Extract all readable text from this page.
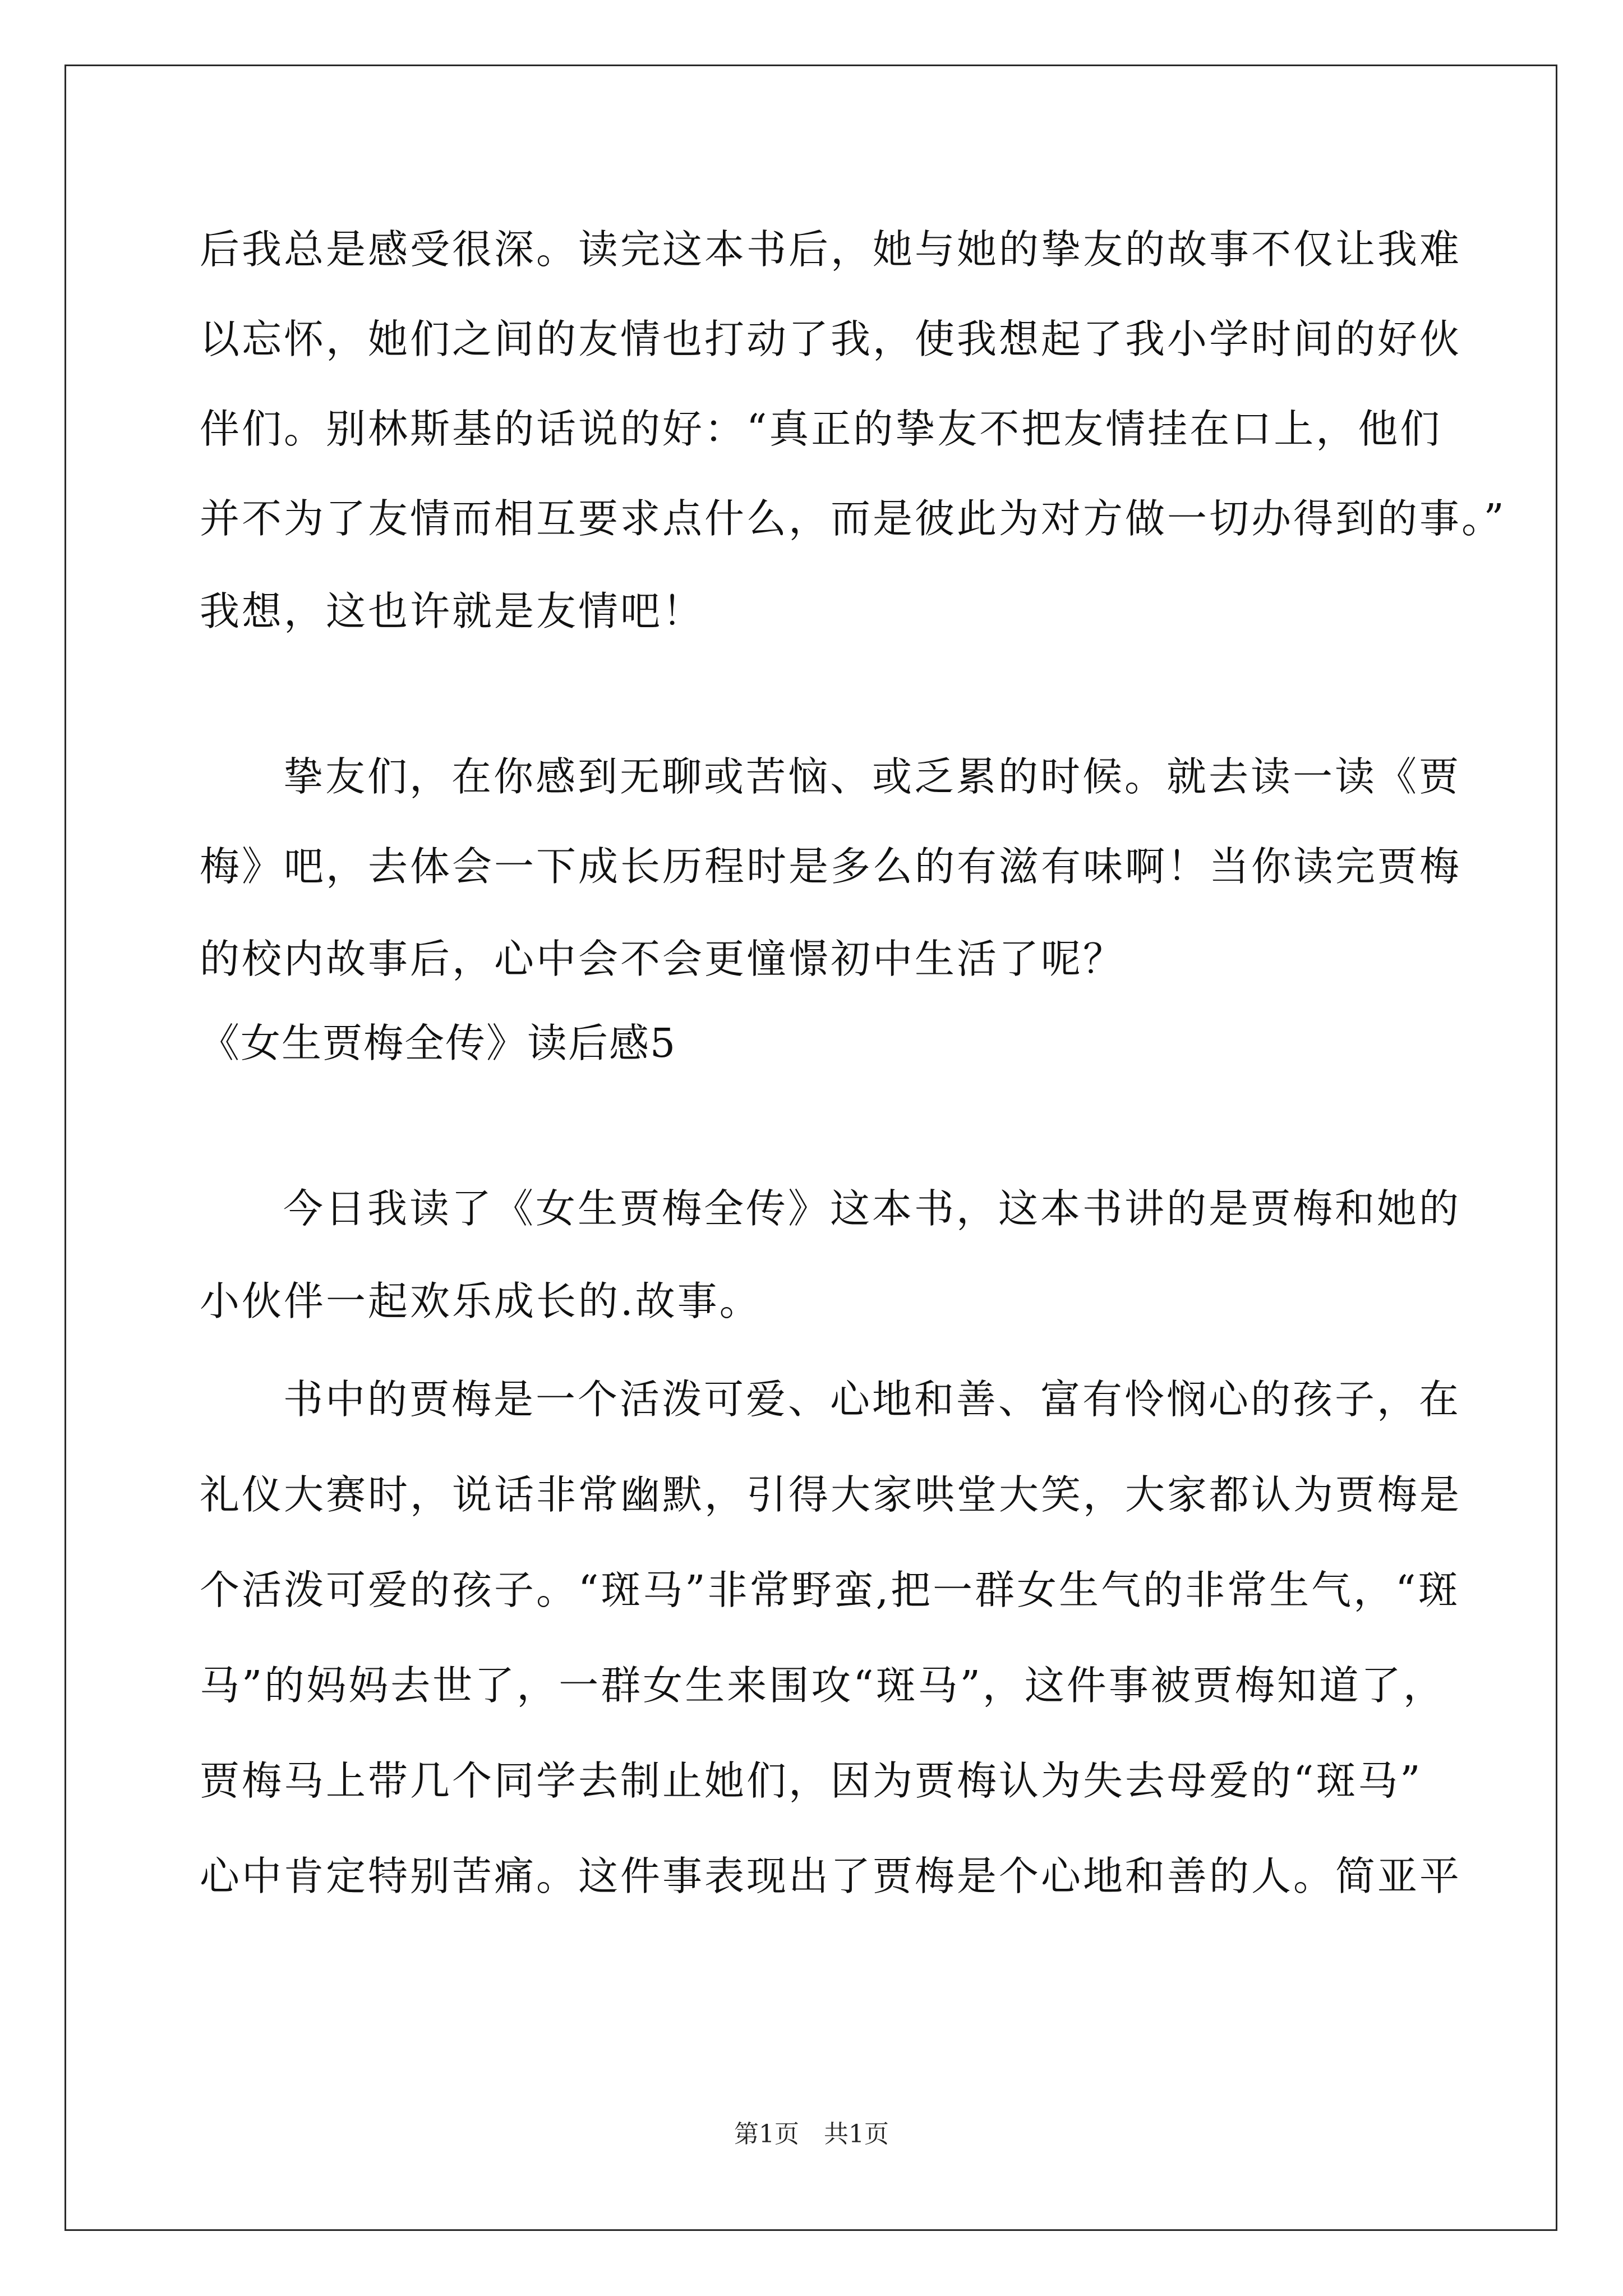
后我总是感受很深。读完这本书后，她与她的挚友的故事不仅让我难
以忘怀，她们之间的友情也打动了我，使我想起了我小学时间的好伙
伴们。别林斯基的话说的好：“真正的挚友不把友情挂在口上，他们
并不为了友情而相互要求点什么，而是彼此为对方做一切办得到的事。”
我想，这也许就是友情吧！
挚友们，在你感到无聊或苦恼、或乏累的时候。就去读一读《贾
梅》吧，去体会一下成长历程时是多么的有滋有味啊！当你读完贾梅
的校内故事后，心中会不会更憧憬初中生活了呢？
《女生贾梅全传》读后感5
今日我读了《女生贾梅全传》这本书，这本书讲的是贾梅和她的
小伙伴一起欢乐成长的.故事。
书中的贾梅是一个活泼可爱、心地和善、富有怜悯心的孩子，在
礼仪大赛时，说话非常幽默，引得大家哄堂大笑，大家都认为贾梅是
个活泼可爱的孩子。“斑马”非常野蛮,把一群女生气的非常生气，“斑
马”的妈妈去世了，一群女生来围攻“斑马”，这件事被贾梅知道了，
贾梅马上带几个同学去制止她们，因为贾梅认为失去母爱的“斑马”
心中肯定特别苦痛。这件事表现出了贾梅是个心地和善的人。简亚平
第1页　共1页
